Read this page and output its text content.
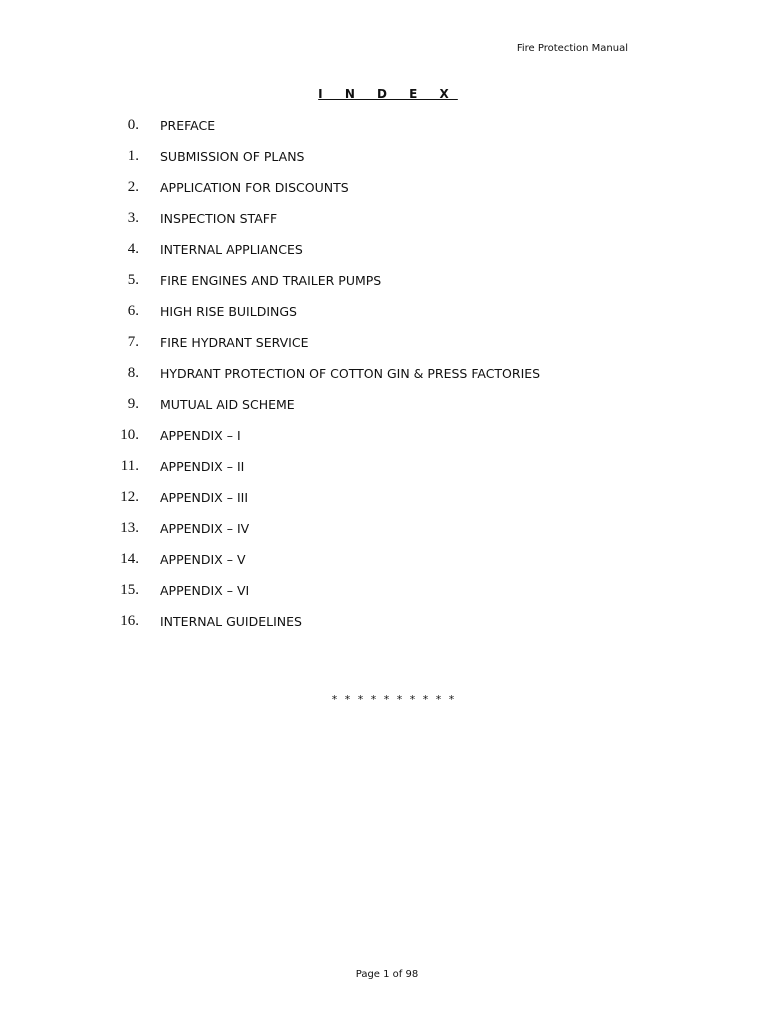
Fire Protection Manual
I N D E X
0. PREFACE
1. SUBMISSION OF PLANS
2. APPLICATION FOR DISCOUNTS
3. INSPECTION STAFF
4. INTERNAL APPLIANCES
5. FIRE ENGINES AND TRAILER PUMPS
6. HIGH RISE BUILDINGS
7. FIRE HYDRANT SERVICE
8. HYDRANT PROTECTION OF COTTON GIN & PRESS FACTORIES
9. MUTUAL AID SCHEME
10. APPENDIX – I
11. APPENDIX – II
12. APPENDIX – III
13. APPENDIX – IV
14. APPENDIX – V
15. APPENDIX – VI
16. INTERNAL GUIDELINES
* * * * * * * * * *
Page 1 of 98
